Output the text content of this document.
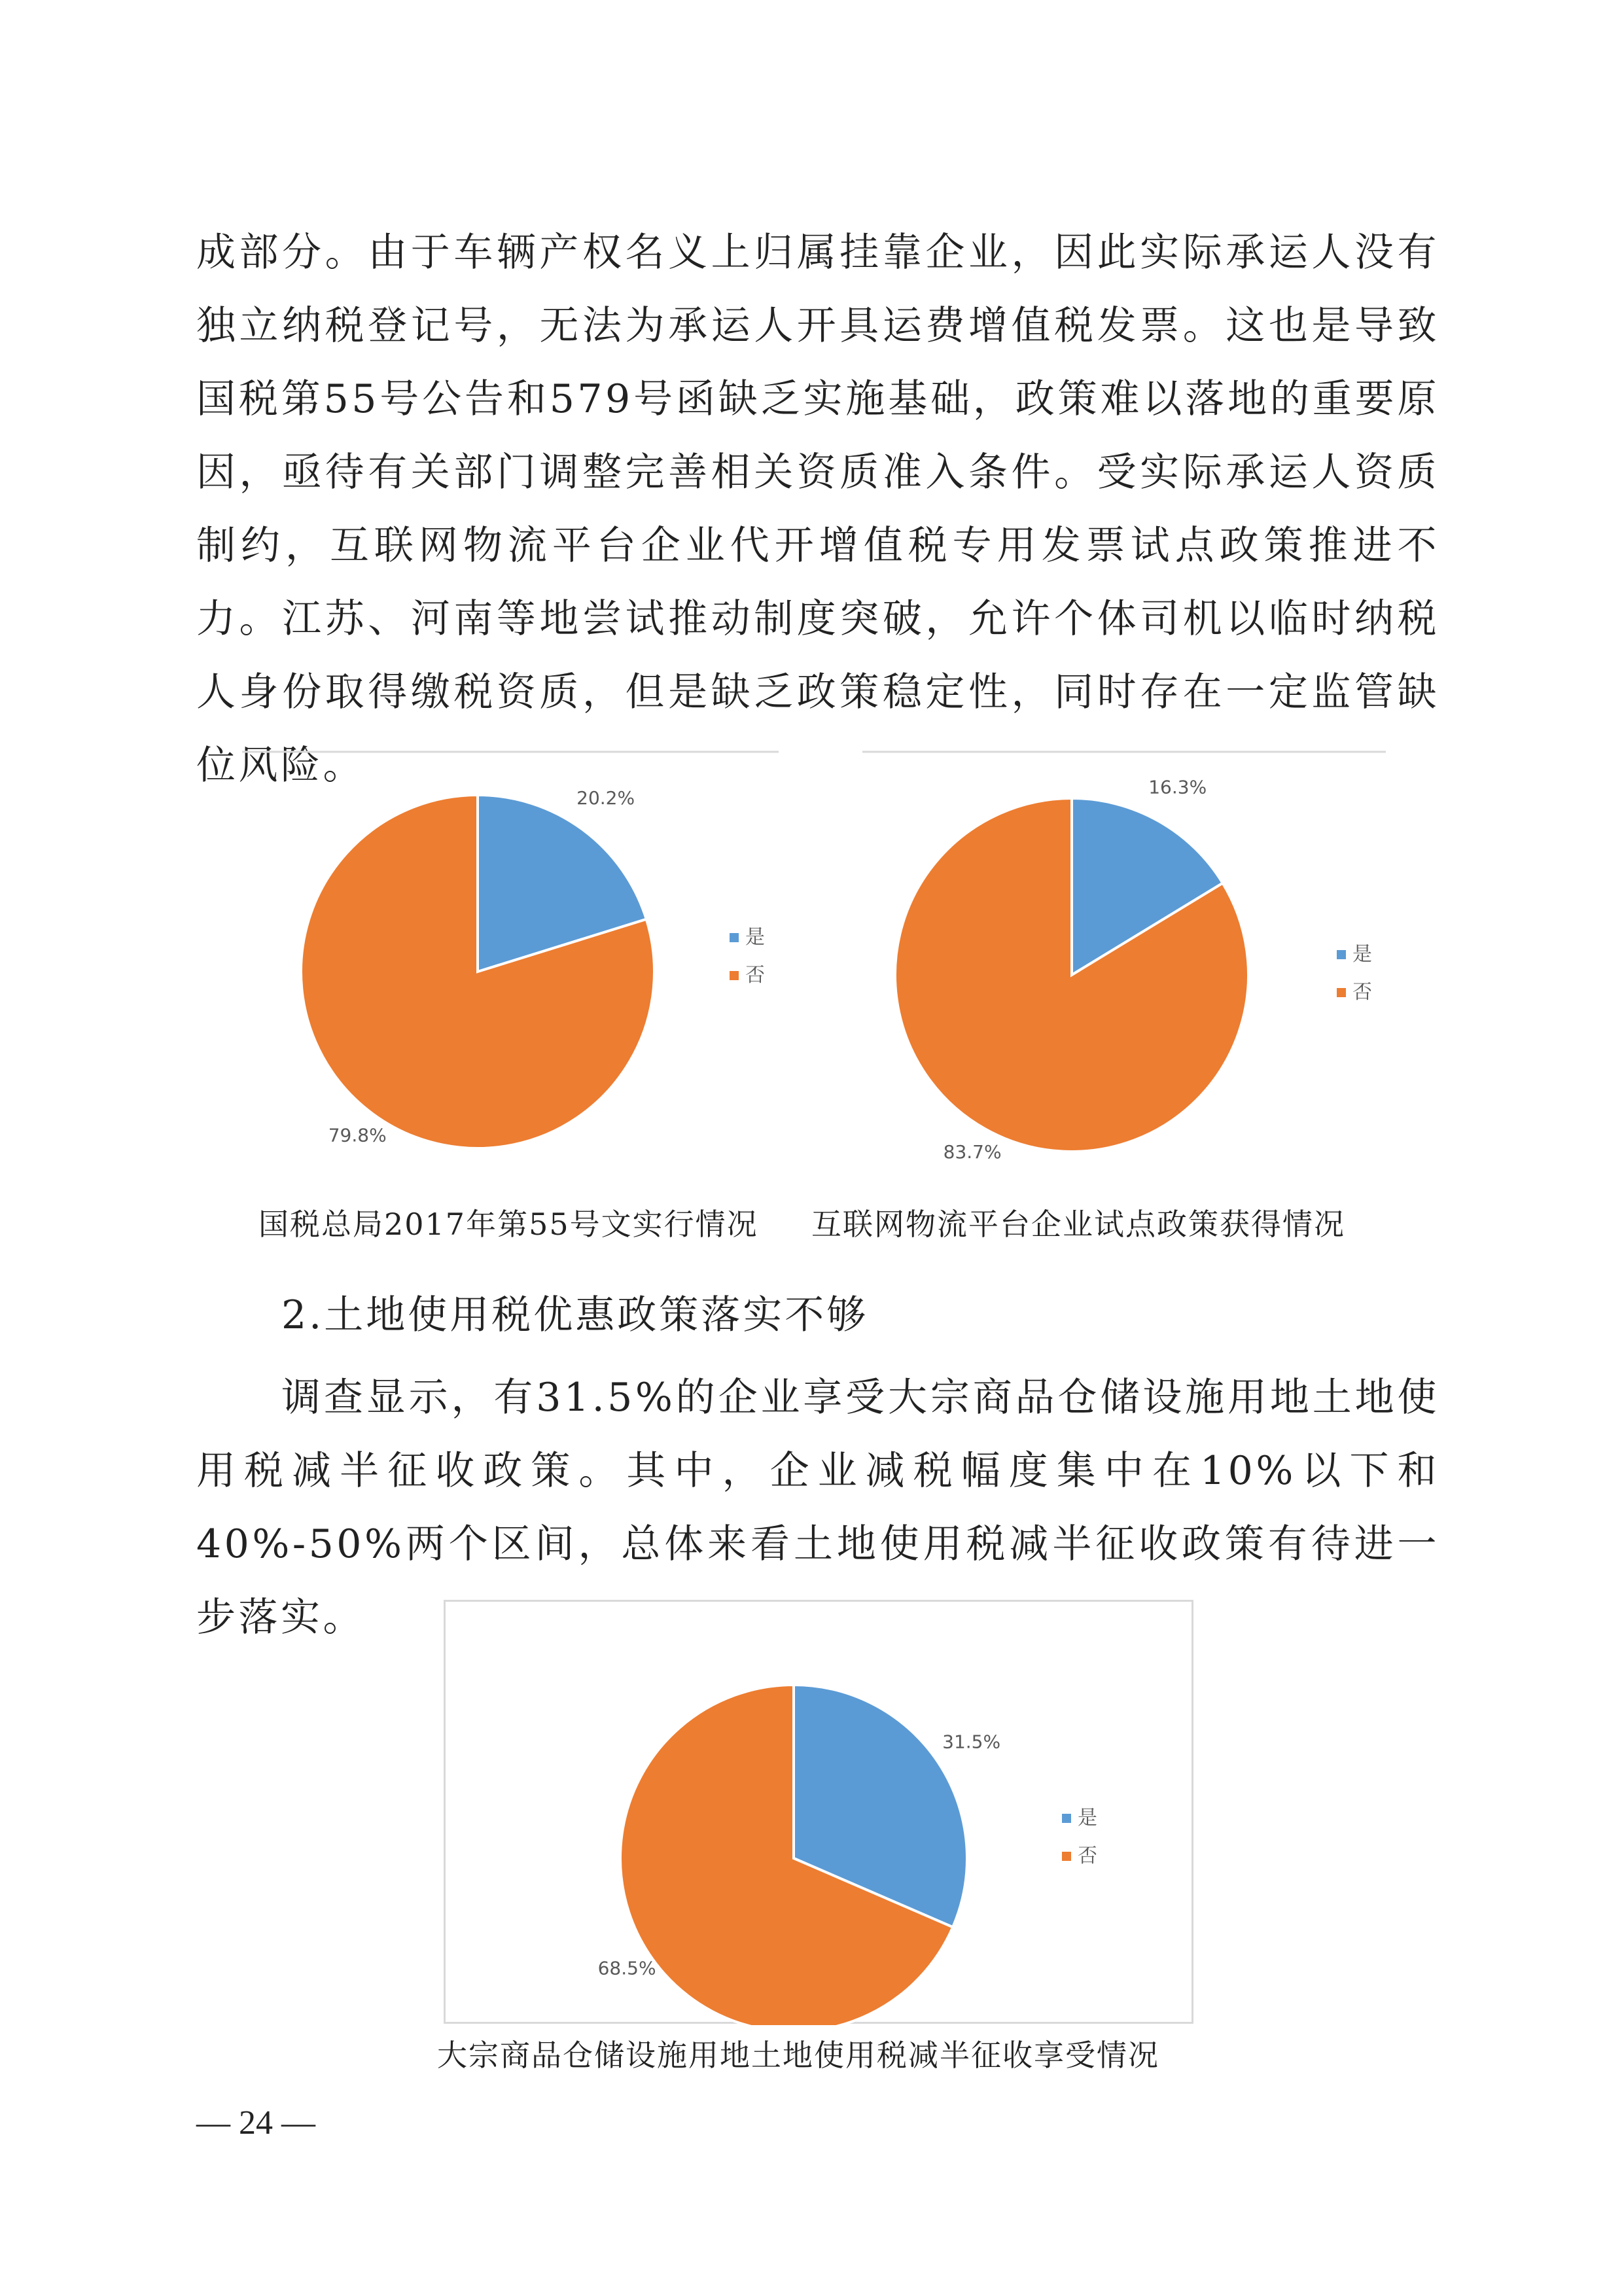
成部分。由于车辆产权名义上归属挂靠企业，因此实际承运人没有独立纳税登记号，无法为承运人开具运费增值税发票。这也是导致国税第55号公告和579号函缺乏实施基础，政策难以落地的重要原因，亟待有关部门调整完善相关资质准入条件。受实际承运人资质制约，互联网物流平台企业代开增值税专用发票试点政策推进不力。江苏、河南等地尝试推动制度突破，允许个体司机以临时纳税人身份取得缴税资质，但是缺乏政策稳定性，同时存在一定监管缺位风险。

20.2%
79.8%
是
否
国税总局2017年第55号文实行情况
16.3%
83.7%
是
否
互联网物流平台企业试点政策获得情况

2.土地使用税优惠政策落实不够

调查显示，有31.5%的企业享受大宗商品仓储设施用地土地使用税减半征收政策。其中，企业减税幅度集中在10%以下和40%-50%两个区间，总体来看土地使用税减半征收政策有待进一步落实。

31.5%
68.5%
是
否
大宗商品仓储设施用地土地使用税减半征收享受情况
— 24 —
